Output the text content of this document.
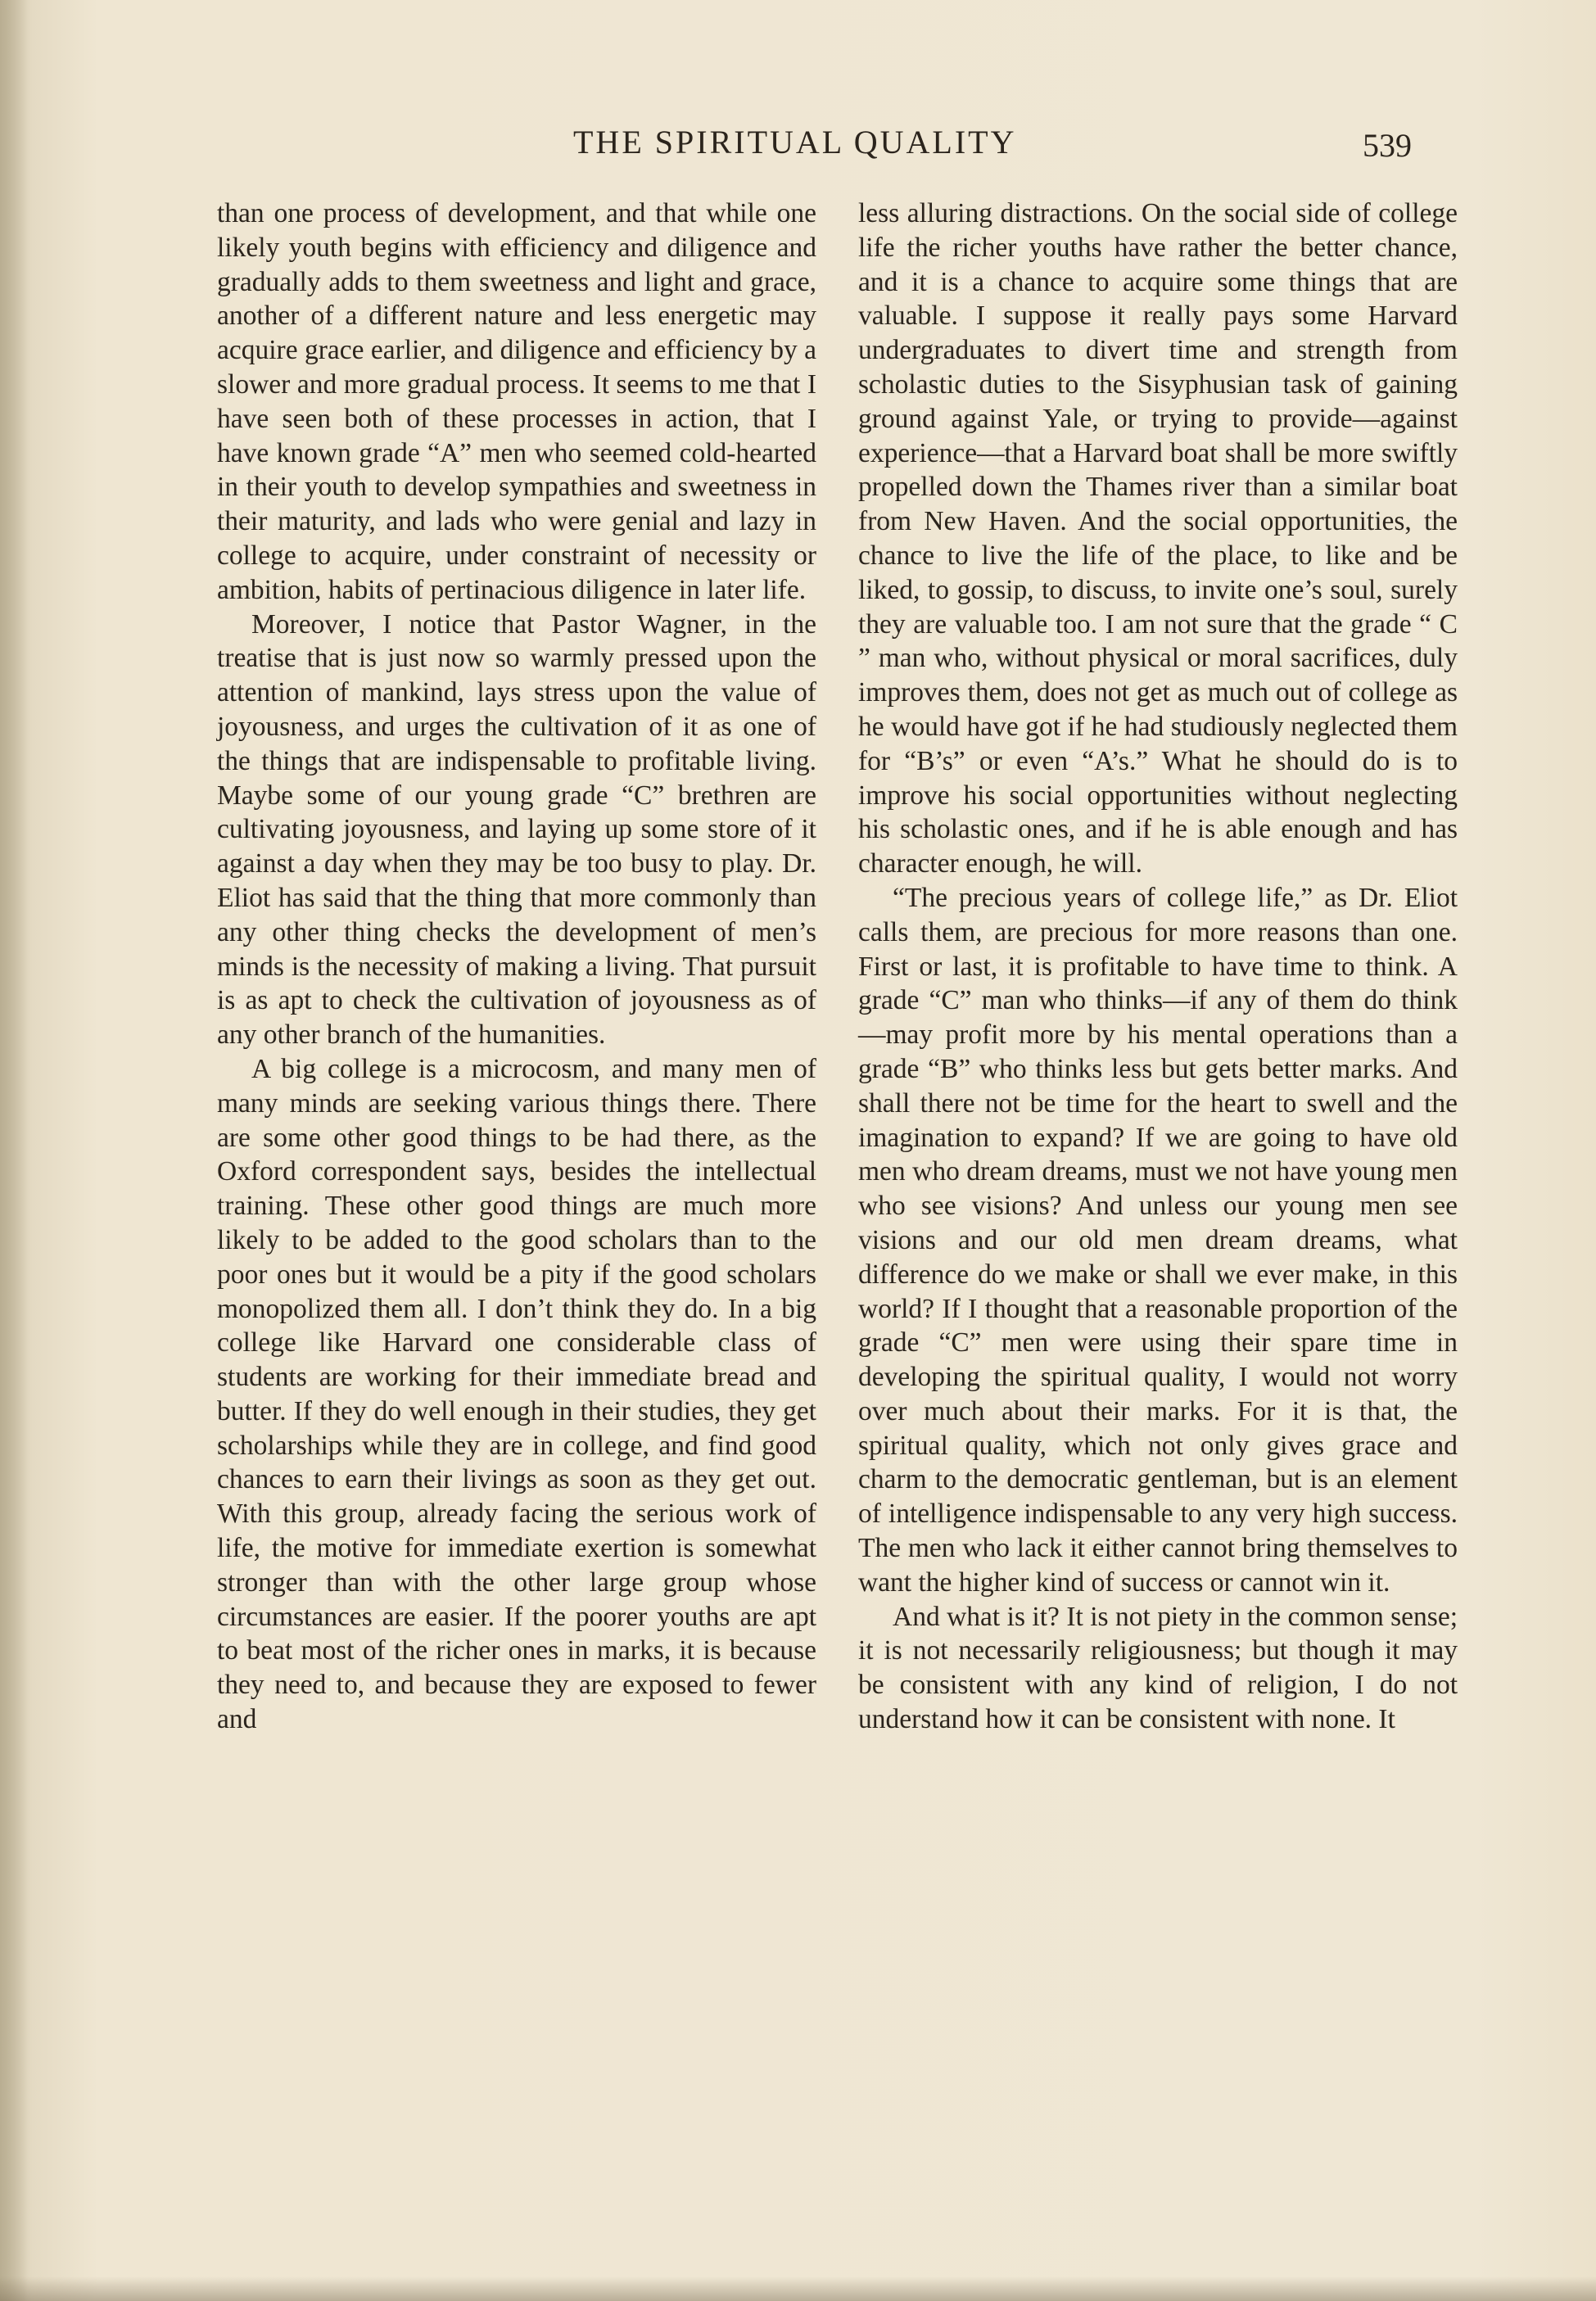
THE SPIRITUAL QUALITY	539

than one process of development, and that while one likely youth begins with efficiency and diligence and gradually adds to them sweetness and light and grace, another of a different nature and less energetic may acquire grace earlier, and diligence and efficiency by a slower and more gradual process. It seems to me that I have seen both of these processes in action, that I have known grade “A” men who seemed cold-hearted in their youth to develop sympathies and sweetness in their maturity, and lads who were genial and lazy in college to acquire, under constraint of necessity or ambition, habits of pertinacious diligence in later life.

Moreover, I notice that Pastor Wagner, in the treatise that is just now so warmly pressed upon the attention of mankind, lays stress upon the value of joyousness, and urges the cultivation of it as one of the things that are indispensable to profitable living. Maybe some of our young grade “C” brethren are cultivating joyousness, and laying up some store of it against a day when they may be too busy to play. Dr. Eliot has said that the thing that more commonly than any other thing checks the development of men’s minds is the necessity of making a living. That pursuit is as apt to check the cultivation of joyousness as of any other branch of the humanities.

A big college is a microcosm, and many men of many minds are seeking various things there. There are some other good things to be had there, as the Oxford correspondent says, besides the intellectual training. These other good things are much more likely to be added to the good scholars than to the poor ones but it would be a pity if the good scholars monopolized them all. I don’t think they do. In a big college like Harvard one considerable class of students are working for their immediate bread and butter. If they do well enough in their studies, they get scholarships while they are in college, and find good chances to earn their livings as soon as they get out. With this group, already facing the serious work of life, the motive for immediate exertion is somewhat stronger than with the other large group whose circumstances are easier. If the poorer youths are apt to beat most of the richer ones in marks, it is because they need to, and because they are exposed to fewer and

less alluring distractions. On the social side of college life the richer youths have rather the better chance, and it is a chance to acquire some things that are valuable. I suppose it really pays some Harvard undergraduates to divert time and strength from scholastic duties to the Sisyphusian task of gaining ground against Yale, or trying to provide—against experience—that a Harvard boat shall be more swiftly propelled down the Thames river than a similar boat from New Haven. And the social opportunities, the chance to live the life of the place, to like and be liked, to gossip, to discuss, to invite one’s soul, surely they are valuable too. I am not sure that the grade “ C ” man who, without physical or moral sacrifices, duly improves them, does not get as much out of college as he would have got if he had studiously neglected them for “B’s” or even “A’s.” What he should do is to improve his social opportunities without neglecting his scholastic ones, and if he is able enough and has character enough, he will.

“The precious years of college life,” as Dr. Eliot calls them, are precious for more reasons than one. First or last, it is profitable to have time to think. A grade “C” man who thinks—if any of them do think—may profit more by his mental operations than a grade “B” who thinks less but gets better marks. And shall there not be time for the heart to swell and the imagination to expand? If we are going to have old men who dream dreams, must we not have young men who see visions? And unless our young men see visions and our old men dream dreams, what difference do we make or shall we ever make, in this world? If I thought that a reasonable proportion of the grade “C” men were using their spare time in developing the spiritual quality, I would not worry over much about their marks. For it is that, the spiritual quality, which not only gives grace and charm to the democratic gentleman, but is an element of intelligence indispensable to any very high success. The men who lack it either cannot bring themselves to want the higher kind of success or cannot win it.

And what is it? It is not piety in the common sense; it is not necessarily religiousness; but though it may be consistent with any kind of religion, I do not understand how it can be consistent with none. It
